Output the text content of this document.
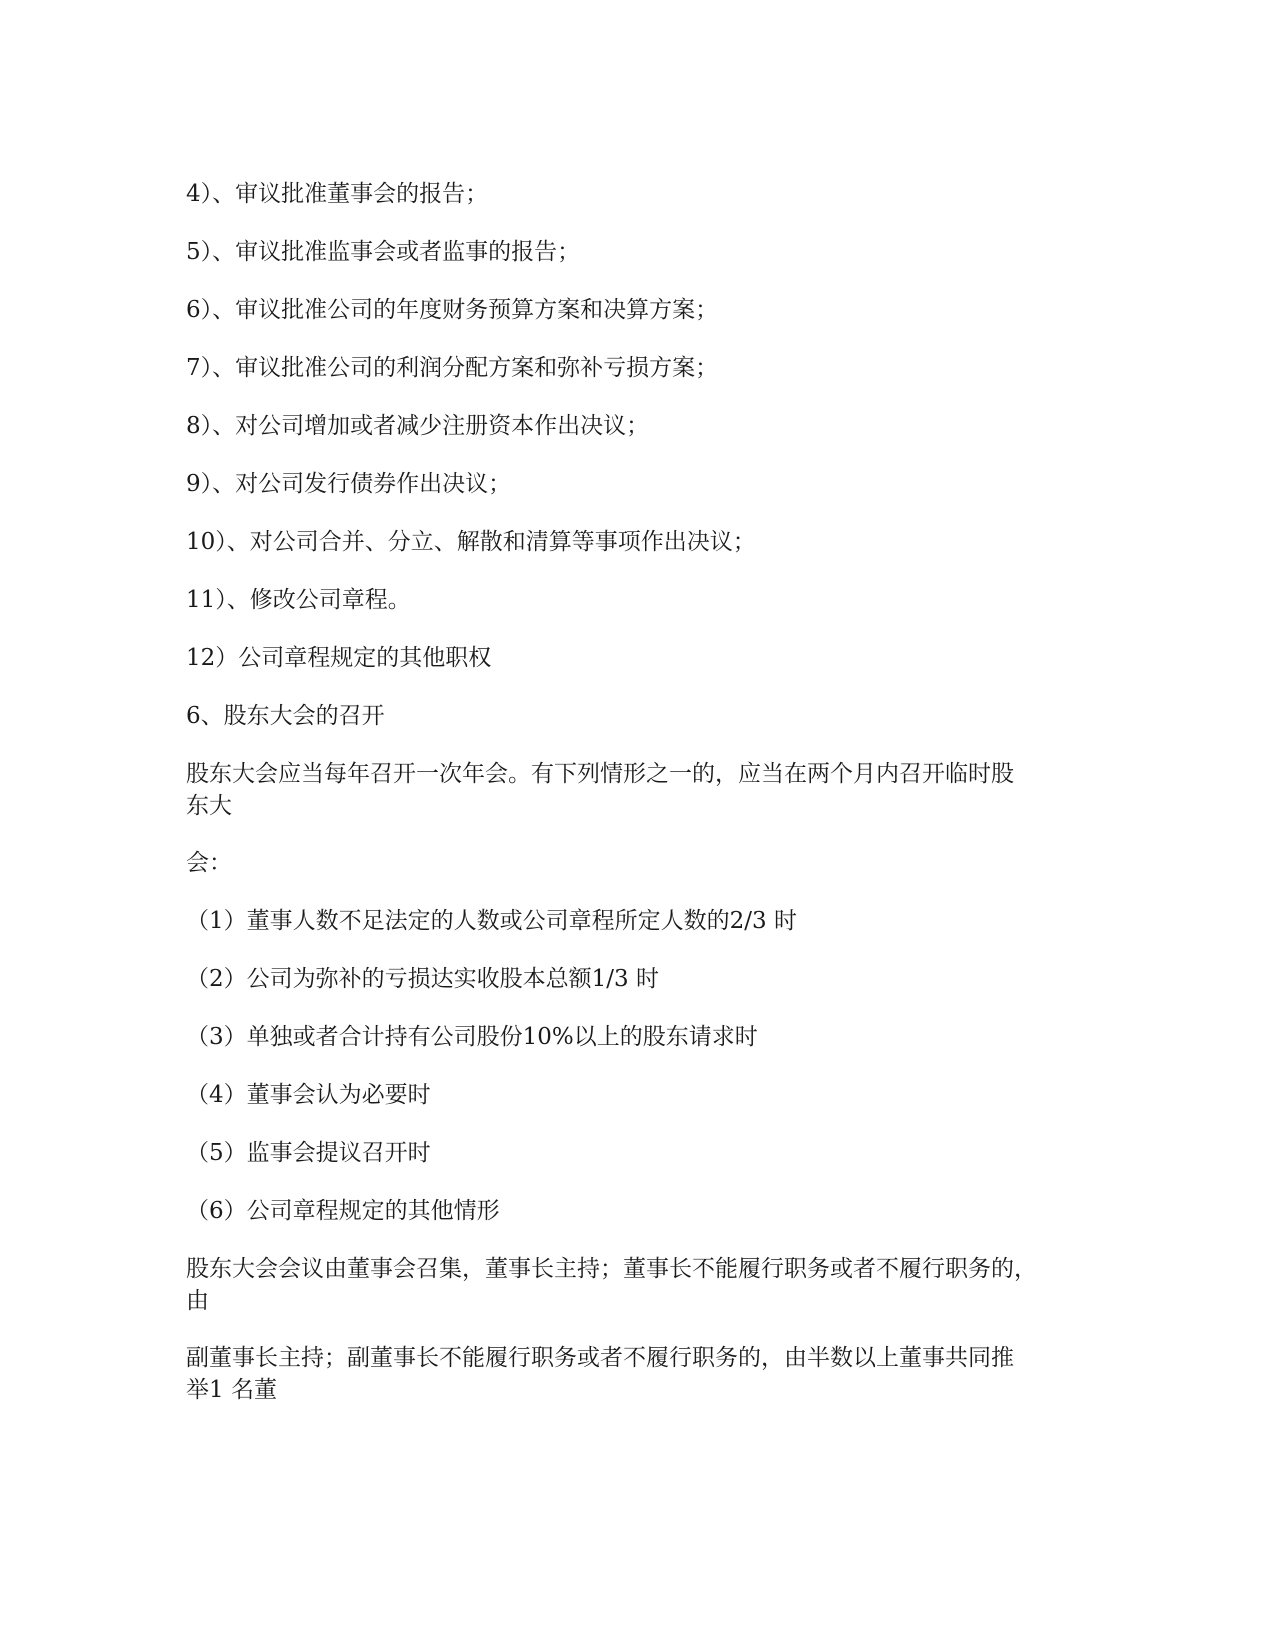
4）、审议批准董事会的报告；
5）、审议批准监事会或者监事的报告；
6）、审议批准公司的年度财务预算方案和决算方案；
7）、审议批准公司的利润分配方案和弥补亏损方案；
8）、对公司增加或者减少注册资本作出决议；
9）、对公司发行债券作出决议；
10）、对公司合并、分立、解散和清算等事项作出决议；
11）、修改公司章程。
12）公司章程规定的其他职权
6、股东大会的召开
股东大会应当每年召开一次年会。有下列情形之一的，应当在两个月内召开临时股
东大
会：
（1）董事人数不足法定的人数或公司章程所定人数的2/3 时
（2）公司为弥补的亏损达实收股本总额1/3 时
（3）单独或者合计持有公司股份10%以上的股东请求时
（4）董事会认为必要时
（5）监事会提议召开时
（6）公司章程规定的其他情形
股东大会会议由董事会召集，董事长主持；董事长不能履行职务或者不履行职务的，
由
副董事长主持；副董事长不能履行职务或者不履行职务的，由半数以上董事共同推
举1 名董
